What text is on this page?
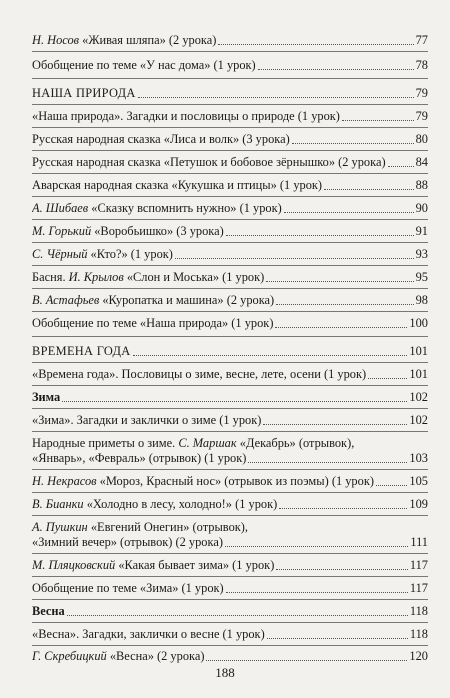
Н. Носов «Живая шляпа» (2 урока)	77
Обобщение по теме «У нас дома» (1 урок)	78
НАША ПРИРОДА	79
«Наша природа». Загадки и пословицы о природе (1 урок)	79
Русская народная сказка «Лиса и волк» (3 урока)	80
Русская народная сказка «Петушок и бобовое зёрнышко» (2 урока) 84
Аварская народная сказка «Кукушка и птицы» (1 урок)	88
А. Шибаев «Сказку вспомнить нужно» (1 урок)	90
М. Горький «Воробьишко» (3 урока)	91
С. Чёрный «Кто?» (1 урок)	93
Басня. И. Крылов «Слон и Моська» (1 урок)	95
В. Астафьев «Куропатка и машина» (2 урока)	98
Обобщение по теме «Наша природа» (1 урок)	100
ВРЕМЕНА ГОДА	101
«Времена года». Пословицы о зиме, весне, лете, осени (1 урок)	101
Зима	102
«Зима». Загадки и заклички о зиме (1 урок)	102
Народные приметы о зиме. С. Маршак «Декабрь» (отрывок),
«Январь», «Февраль» (отрывок) (1 урок)	103
Н. Некрасов «Мороз, Красный нос» (отрывок из поэмы) (1 урок)	105
В. Бианки «Холодно в лесу, холодно!» (1 урок)	109
А. Пушкин «Евгений Онегин» (отрывок),
«Зимний вечер» (отрывок) (2 урока)	111
М. Пляцковский «Какая бывает зима» (1 урок)	117
Обобщение по теме «Зима» (1 урок)	117
Весна	118
«Весна». Загадки, заклички о весне (1 урок)	118
Г. Скребицкий «Весна» (2 урока)	120
188
